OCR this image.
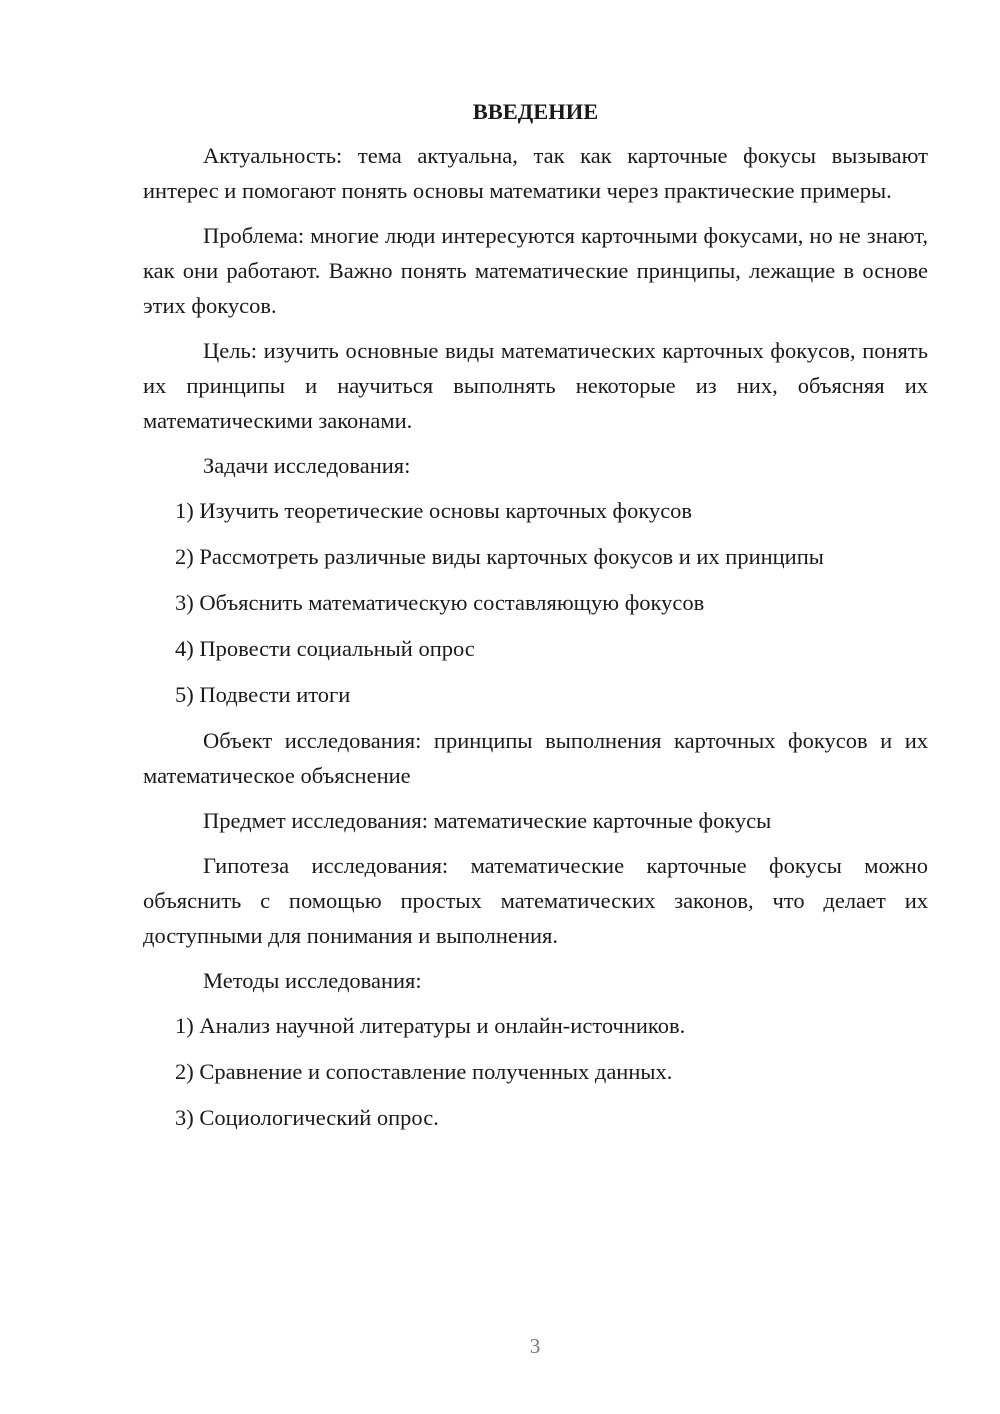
ВВЕДЕНИЕ

Актуальность: тема актуальна, так как карточные фокусы вызывают интерес и помогают понять основы математики через практические примеры.

Проблема: многие люди интересуются карточными фокусами, но не знают, как они работают. Важно понять математические принципы, лежащие в основе этих фокусов.

Цель: изучить основные виды математических карточных фокусов, понять их принципы и научиться выполнять некоторые из них, объясняя их математическими законами.

Задачи исследования:

1) Изучить теоретические основы карточных фокусов
2) Рассмотреть различные виды карточных фокусов и их принципы
3) Объяснить математическую составляющую фокусов
4) Провести социальный опрос
5) Подвести итоги

Объект исследования: принципы выполнения карточных фокусов и их математическое объяснение

Предмет исследования: математические карточные фокусы

Гипотеза исследования: математические карточные фокусы можно объяснить с помощью простых математических законов, что делает их доступными для понимания и выполнения.

Методы исследования:

1) Анализ научной литературы и онлайн-источников.
2) Сравнение и сопоставление полученных данных.
3) Социологический опрос.
3
